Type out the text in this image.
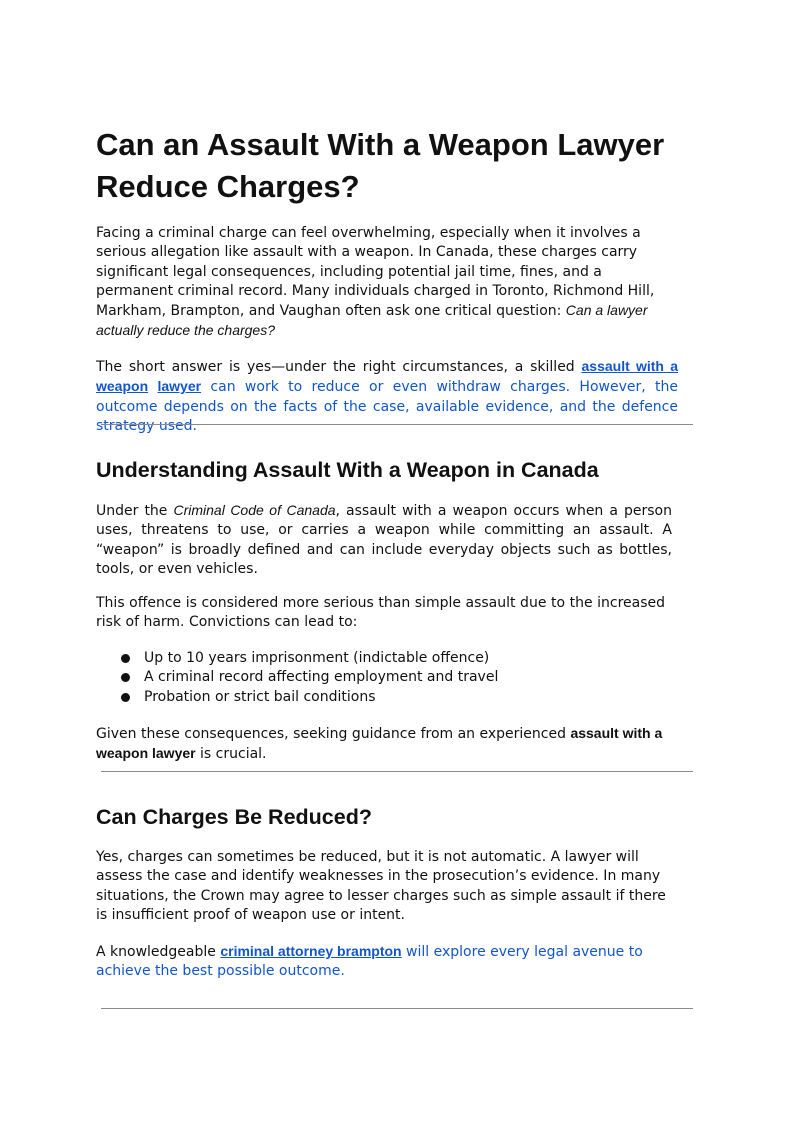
Can an Assault With a Weapon Lawyer Reduce Charges?

Facing a criminal charge can feel overwhelming, especially when it involves a serious allegation like assault with a weapon. In Canada, these charges carry significant legal consequences, including potential jail time, fines, and a permanent criminal record. Many individuals charged in Toronto, Richmond Hill, Markham, Brampton, and Vaughan often ask one critical question: Can a lawyer actually reduce the charges?

The short answer is yes—under the right circumstances, a skilled assault with a weapon lawyer can work to reduce or even withdraw charges. However, the outcome depends on the facts of the case, available evidence, and the defence strategy used.

Understanding Assault With a Weapon in Canada

Under the Criminal Code of Canada, assault with a weapon occurs when a person uses, threatens to use, or carries a weapon while committing an assault. A “weapon” is broadly defined and can include everyday objects such as bottles, tools, or even vehicles.

This offence is considered more serious than simple assault due to the increased risk of harm. Convictions can lead to:

Up to 10 years imprisonment (indictable offence)
A criminal record affecting employment and travel
Probation or strict bail conditions

Given these consequences, seeking guidance from an experienced assault with a weapon lawyer is crucial.

Can Charges Be Reduced?

Yes, charges can sometimes be reduced, but it is not automatic. A lawyer will assess the case and identify weaknesses in the prosecution’s evidence. In many situations, the Crown may agree to lesser charges such as simple assault if there is insufficient proof of weapon use or intent.

A knowledgeable criminal attorney brampton will explore every legal avenue to achieve the best possible outcome.
